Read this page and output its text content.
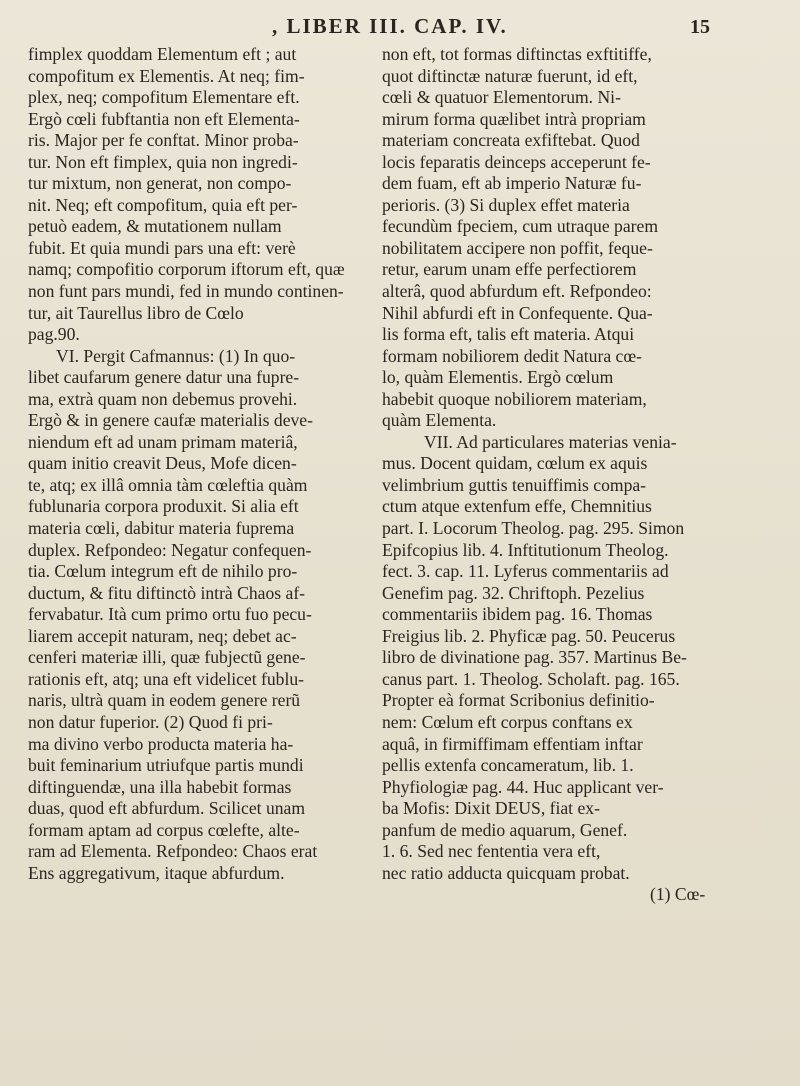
, LIBER III. CAP. IV.	15
fimplex quoddam Elementum eft ; aut
compofitum ex Elementis. At neq; fim-
plex, neq; compofitum Elementare eft.
Ergò cœli fubftantia non eft Elementa-
ris. Major per fe conftat. Minor proba-
tur. Non eft fimplex, quia non ingredi-
tur mixtum, non generat, non compo-
nit. Neq; eft compofitum, quia eft per-
petuò eadem, & mutationem nullam
fubit. Et quia mundi pars una eft: verè
namq; compofitio corporum iftorum eft, quæ
non funt pars mundi, fed in mundo continen-
tur, ait Taurellus libro de Cœlo
pag.90.
VI. Pergit Cafmannus: (1) In quo-
libet caufarum genere datur una fupre-
ma, extrà quam non debemus provehi.
Ergò & in genere caufæ materialis deve-
niendum eft ad unam primam materiâ,
quam initio creavit Deus, Mofe dicen-
te, atq; ex illâ omnia tàm cœleftia quàm
fublunaria corpora produxit. Si alia eft
materia cœli, dabitur materia fuprema
duplex. Refpondeo: Negatur confequen-
tia. Cœlum integrum eft de nihilo pro-
ductum, & fitu diftinctò intrà Chaos af-
fervabatur. Ità cum primo ortu fuo pecu-
liarem accepit naturam, neq; debet ac-
cenferi materiæ illi, quæ fubjectũ gene-
rationis eft, atq; una eft videlicet fublu-
naris, ultrà quam in eodem genere rerũ
non datur fuperior. (2) Quod fi pri-
ma divino verbo producta materia ha-
buit feminarium utriufque partis mundi
diftinguendæ, una illa habebit formas
duas, quod eft abfurdum. Scilicet unam
formam aptam ad corpus cœlefte, alte-
ram ad Elementa. Refpondeo: Chaos erat
Ens aggregativum, itaque abfurdum.
non eft, tot formas diftinctas exftitiffe,
quot diftinctæ naturæ fuerunt, id eft,
cœli & quatuor Elementorum. Ni-
mirum forma quælibet intrà propriam
materiam concreata exfiftebat. Quod
locis feparatis deinceps acceperunt fe-
dem fuam, eft ab imperio Naturæ fu-
perioris. (3) Si duplex effet materia
fecundùm fpeciem, cum utraque parem
nobilitatem accipere non poffit, feque-
retur, earum unam effe perfectiorem
alterâ, quod abfurdum eft. Refpondeo:
Nihil abfurdi eft in Confequente. Qua-
lis forma eft, talis eft materia. Atqui
formam nobiliorem dedit Natura cœ-
lo, quàm Elementis. Ergò cœlum
habebit quoque nobiliorem materiam,
quàm Elementa.
VII. Ad particulares materias venia-
mus. Docent quidam, cœlum ex aquis
velimbrium guttis tenuiffimis compa-
ctum atque extenfum effe, Chemnitius
part. I. Locorum Theolog. pag. 295. Simon
Epifcopius lib. 4. Inftitutionum Theolog.
fect. 3. cap. 11. Lyferus commentariis ad
Genefim pag. 32. Chriftoph. Pezelius
commentariis ibidem pag. 16. Thomas
Freigius lib. 2. Phyficæ pag. 50. Peucerus
libro de divinatione pag. 357. Martinus Be-
canus part. 1. Theolog. Scholaft. pag. 165.
Propter eà format Scribonius definitio-
nem: Cœlum eft corpus conftans ex
aquâ, in firmiffimam effentiam inftar
pellis extenfa concameratum, lib. 1.
Phyfiologiæ pag. 44. Huc applicant ver-
ba Mofis: Dixit DEUS, fiat ex-
panfum de medio aquarum, Genef.
1. 6. Sed nec fententia vera eft,
nec ratio adducta quicquam probat.
(1) Cœ-
